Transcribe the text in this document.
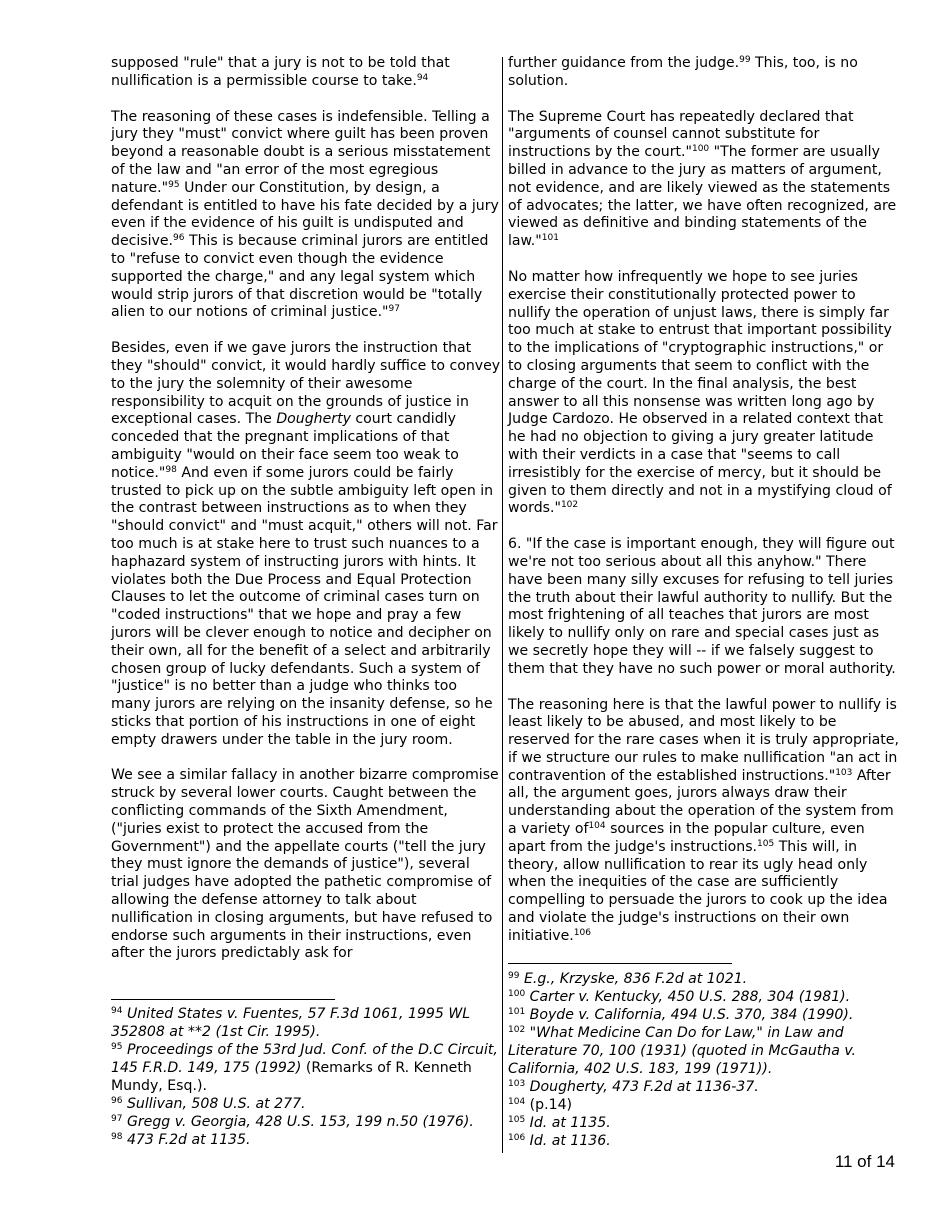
supposed "rule" that a jury is not to be told that nullification is a permissible course to take.$^{94}$

The reasoning of these cases is indefensible. Telling a jury they "must" convict where guilt has been proven beyond a reasonable doubt is a serious misstatement of the law and "an error of the most egregious nature."$^{95}$ Under our Constitution, by design, a defendant is entitled to have his fate decided by a jury even if the evidence of his guilt is undisputed and decisive.$^{96}$ This is because criminal jurors are entitled to "refuse to convict even though the evidence supported the charge," and any legal system which would strip jurors of that discretion would be "totally alien to our notions of criminal justice."$^{97}$

Besides, even if we gave jurors the instruction that they "should" convict, it would hardly suffice to convey to the jury the solemnity of their awesome responsibility to acquit on the grounds of justice in exceptional cases. The Dougherty court candidly conceded that the pregnant implications of that ambiguity "would on their face seem too weak to notice."$^{98}$ And even if some jurors could be fairly trusted to pick up on the subtle ambiguity left open in the contrast between instructions as to when they "should convict" and "must acquit," others will not. Far too much is at stake here to trust such nuances to a haphazard system of instructing jurors with hints. It violates both the Due Process and Equal Protection Clauses to let the outcome of criminal cases turn on "coded instructions" that we hope and pray a few jurors will be clever enough to notice and decipher on their own, all for the benefit of a select and arbitrarily chosen group of lucky defendants. Such a system of "justice" is no better than a judge who thinks too many jurors are relying on the insanity defense, so he sticks that portion of his instructions in one of eight empty drawers under the table in the jury room.

We see a similar fallacy in another bizarre compromise struck by several lower courts. Caught between the conflicting commands of the Sixth Amendment, ("juries exist to protect the accused from the Government") and the appellate courts ("tell the jury they must ignore the demands of justice"), several trial judges have adopted the pathetic compromise of allowing the defense attorney to talk about nullification in closing arguments, but have refused to endorse such arguments in their instructions, even after the jurors predictably ask for

further guidance from the judge.$^{99}$ This, too, is no solution.

The Supreme Court has repeatedly declared that "arguments of counsel cannot substitute for instructions by the court."$^{100}$ "The former are usually billed in advance to the jury as matters of argument, not evidence, and are likely viewed as the statements of advocates; the latter, we have often recognized, are viewed as definitive and binding statements of the law."$^{101}$

No matter how infrequently we hope to see juries exercise their constitutionally protected power to nullify the operation of unjust laws, there is simply far too much at stake to entrust that important possibility to the implications of "cryptographic instructions," or to closing arguments that seem to conflict with the charge of the court. In the final analysis, the best answer to all this nonsense was written long ago by Judge Cardozo. He observed in a related context that he had no objection to giving a jury greater latitude with their verdicts in a case that "seems to call irresistibly for the exercise of mercy, but it should be given to them directly and not in a mystifying cloud of words."$^{102}$

6. "If the case is important enough, they will figure out we're not too serious about all this anyhow." There have been many silly excuses for refusing to tell juries the truth about their lawful authority to nullify. But the most frightening of all teaches that jurors are most likely to nullify only on rare and special cases just as we secretly hope they will -- if we falsely suggest to them that they have no such power or moral authority.

The reasoning here is that the lawful power to nullify is least likely to be abused, and most likely to be reserved for the rare cases when it is truly appropriate, if we structure our rules to make nullification "an act in contravention of the established instructions."$^{103}$ After all, the argument goes, jurors always draw their understanding about the operation of the system from a variety $of^{104}$ sources in the popular culture, even apart from the judge's instructions.$^{105}$ This will, in theory, allow nullification to rear its ugly head only when the inequities of the case are sufficiently compelling to persuade the jurors to cook up the idea and violate the judge's instructions on their own initiative.$^{106}$

$^{94}$ United States v. Fuentes, 57 F.3d 1061, 1995 WL 352808 at **2 (1st Cir. 1995).

$^{95}$ Proceedings of the 53rd Jud. Conf. of the D.C Circuit, 145 F.R.D. 149, 175 (1992) (Remarks of R. Kenneth Mundy, Esq.).

$^{96}$ Sullivan, 508 U.S. at 277.

$^{97}$ Gregg v. Georgia, 428 U.S. 153, 199 n.50 (1976).

$^{98}$ 473 F.2d at 1135.

$^{99}$ E.g., Krzyske, 836 F.2d at 1021.

$^{100}$ Carter v. Kentucky, 450 U.S. 288, 304 (1981).

$^{101}$ Boyde v. California, 494 U.S. 370, 384 (1990).

$^{102}$ "What Medicine Can Do for Law," in Law and Literature 70, 100 (1931) (quoted in McGautha v. California, 402 U.S. 183, 199 (1971)).

$^{103}$ Dougherty, 473 F.2d at 1136-37.

$^{104}$ (p.14)

$^{105}$ Id. at 1135.

$^{106}$ Id. at 1136.

11 of 14
